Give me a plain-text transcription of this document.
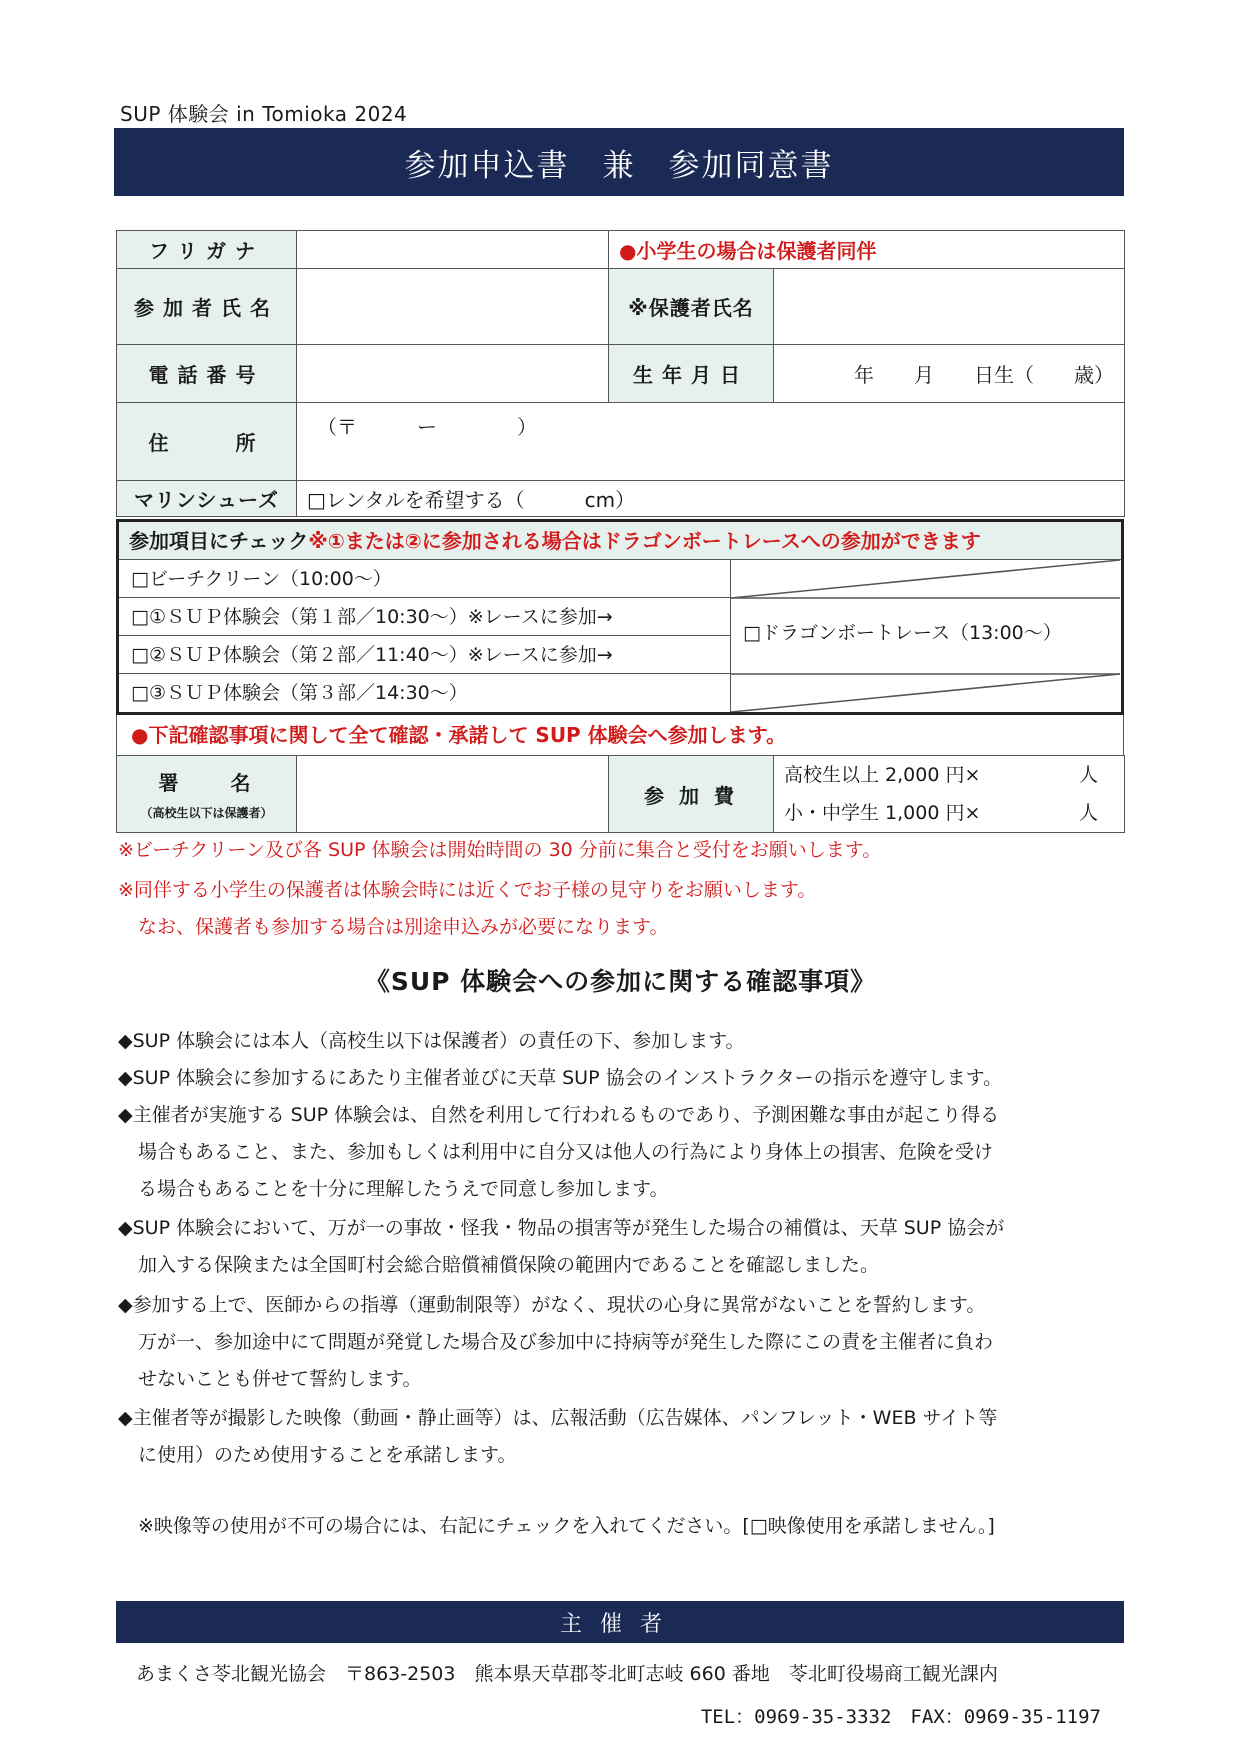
SUP 体験会 in Tomioka 2024
参加申込書　兼　参加同意書
フリガナ		●小学生の場合は保護者同伴	
参加者氏名		※保護者氏名	
電話番号		生年月日	年　　月　　日生（　　歳）
住　　所	（〒　　　ー　　　　）		
マリンシューズ	□レンタルを希望する（　　　cm）		
参加項目にチェック※①または②に参加される場合はドラゴンボートレースへの参加ができます
□ビーチクリーン（10:00～）
□①ＳＵＰ体験会（第１部／10:30～）※レースに参加→
□②ＳＵＰ体験会（第２部／11:40～）※レースに参加→
□③ＳＵＰ体験会（第３部／14:30～）
□ドラゴンボートレース（13:00～）
●下記確認事項に関して全て確認・承諾して SUP 体験会へ参加します。
署　　名
（高校生以下は保護者）
		参 加 費	
高校生以上 2,000 円×	人
小・中学生 1,000 円×	人
※ビーチクリーン及び各 SUP 体験会は開始時間の 30 分前に集合と受付をお願いします。
※同伴する小学生の保護者は体験会時には近くでお子様の見守りをお願いします。
なお、保護者も参加する場合は別途申込みが必要になります。
《SUP 体験会への参加に関する確認事項》
◆SUP 体験会には本人（高校生以下は保護者）の責任の下、参加します。
◆SUP 体験会に参加するにあたり主催者並びに天草 SUP 協会のインストラクターの指示を遵守します。
◆主催者が実施する SUP 体験会は、自然を利用して行われるものであり、予測困難な事由が起こり得る
場合もあること、また、参加もしくは利用中に自分又は他人の行為により身体上の損害、危険を受け
る場合もあることを十分に理解したうえで同意し参加します。
◆SUP 体験会において、万が一の事故・怪我・物品の損害等が発生した場合の補償は、天草 SUP 協会が
加入する保険または全国町村会総合賠償補償保険の範囲内であることを確認しました。
◆参加する上で、医師からの指導（運動制限等）がなく、現状の心身に異常がないことを誓約します。
万が一、参加途中にて問題が発覚した場合及び参加中に持病等が発生した際にこの責を主催者に負わ
せないことも併せて誓約します。
◆主催者等が撮影した映像（動画・静止画等）は、広報活動（広告媒体、パンフレット・WEB サイト等
に使用）のため使用することを承諾します。
※映像等の使用が不可の場合には、右記にチェックを入れてください。[□映像使用を承諾しません。]
主催者
あまくさ苓北観光協会　〒863-2503　熊本県天草郡苓北町志岐 660 番地　苓北町役場商工観光課内
TEL：0969-35-3332　FAX：0969-35-1197
